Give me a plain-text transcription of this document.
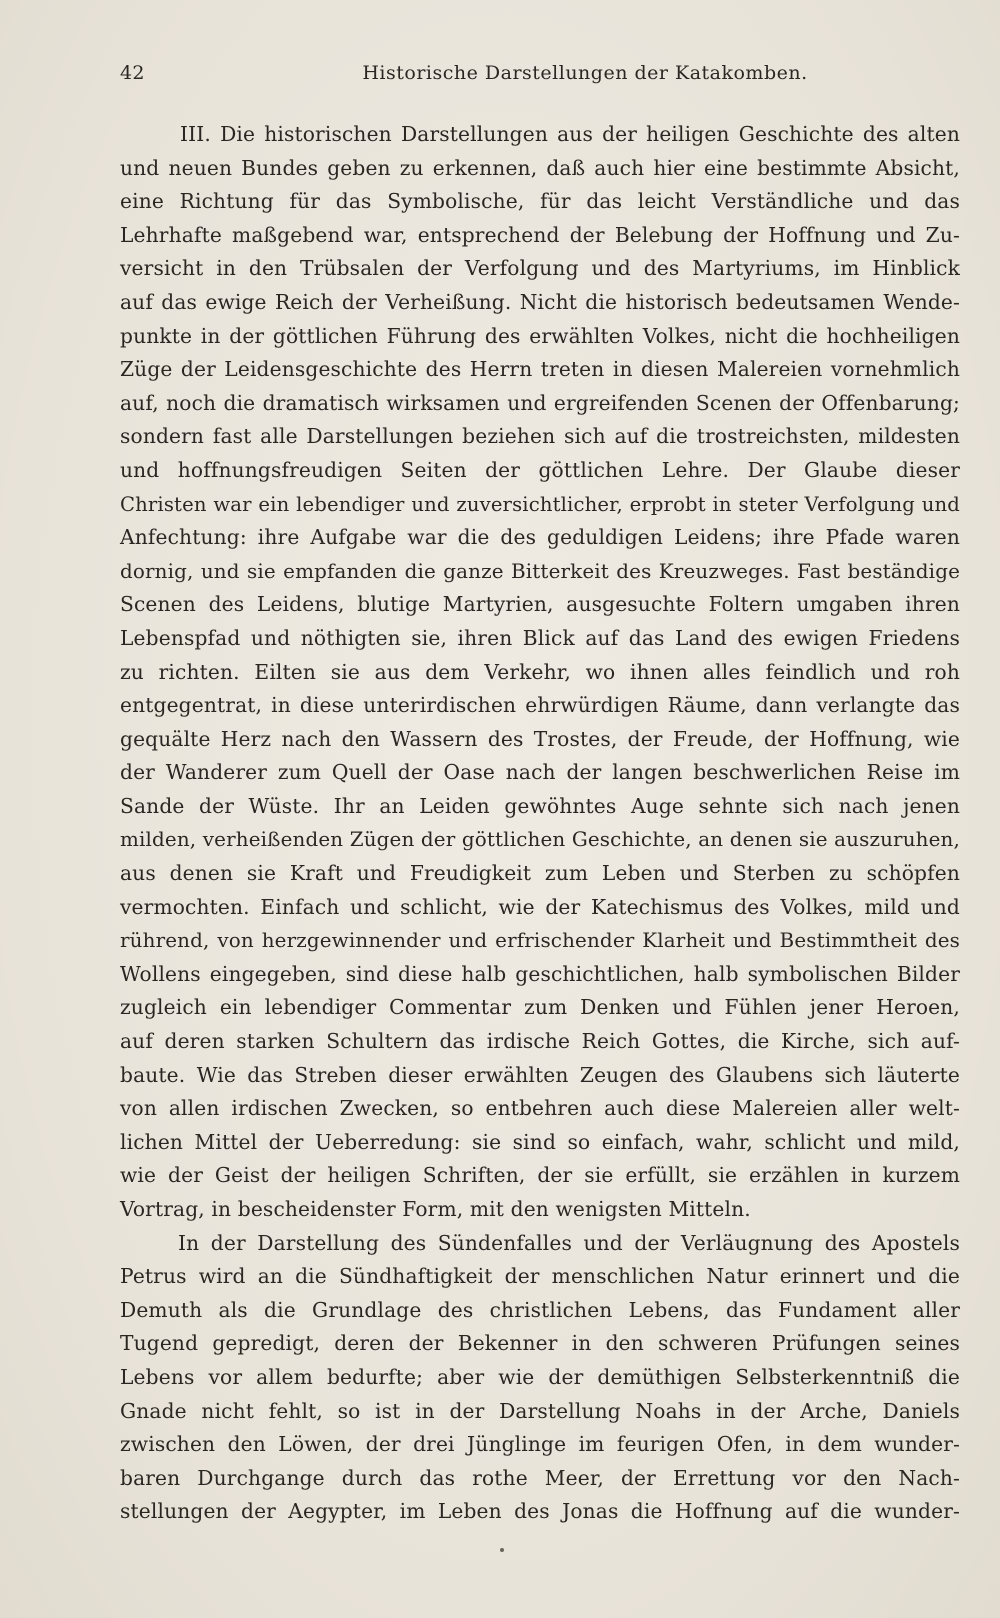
42	Historische Darstellungen der Katakomben.
III. Die historischen Darstellungen aus der heiligen Geschichte des alten
und neuen Bundes geben zu erkennen, daß auch hier eine bestimmte Absicht,
eine Richtung für das Symbolische, für das leicht Verständliche und das
Lehrhafte maßgebend war, entsprechend der Belebung der Hoffnung und Zu-
versicht in den Trübsalen der Verfolgung und des Martyriums, im Hinblick
auf das ewige Reich der Verheißung. Nicht die historisch bedeutsamen Wende-
punkte in der göttlichen Führung des erwählten Volkes, nicht die hochheiligen
Züge der Leidensgeschichte des Herrn treten in diesen Malereien vornehmlich
auf, noch die dramatisch wirksamen und ergreifenden Scenen der Offenbarung;
sondern fast alle Darstellungen beziehen sich auf die trostreichsten, mildesten
und hoffnungsfreudigen Seiten der göttlichen Lehre. Der Glaube dieser
Christen war ein lebendiger und zuversichtlicher, erprobt in steter Verfolgung und
Anfechtung: ihre Aufgabe war die des geduldigen Leidens; ihre Pfade waren
dornig, und sie empfanden die ganze Bitterkeit des Kreuzweges. Fast beständige
Scenen des Leidens, blutige Martyrien, ausgesuchte Foltern umgaben ihren
Lebenspfad und nöthigten sie, ihren Blick auf das Land des ewigen Friedens
zu richten. Eilten sie aus dem Verkehr, wo ihnen alles feindlich und roh
entgegentrat, in diese unterirdischen ehrwürdigen Räume, dann verlangte das
gequälte Herz nach den Wassern des Trostes, der Freude, der Hoffnung, wie
der Wanderer zum Quell der Oase nach der langen beschwerlichen Reise im
Sande der Wüste. Ihr an Leiden gewöhntes Auge sehnte sich nach jenen
milden, verheißenden Zügen der göttlichen Geschichte, an denen sie auszuruhen,
aus denen sie Kraft und Freudigkeit zum Leben und Sterben zu schöpfen
vermochten. Einfach und schlicht, wie der Katechismus des Volkes, mild und
rührend, von herzgewinnender und erfrischender Klarheit und Bestimmtheit des
Wollens eingegeben, sind diese halb geschichtlichen, halb symbolischen Bilder
zugleich ein lebendiger Commentar zum Denken und Fühlen jener Heroen,
auf deren starken Schultern das irdische Reich Gottes, die Kirche, sich auf-
baute. Wie das Streben dieser erwählten Zeugen des Glaubens sich läuterte
von allen irdischen Zwecken, so entbehren auch diese Malereien aller welt-
lichen Mittel der Ueberredung: sie sind so einfach, wahr, schlicht und mild,
wie der Geist der heiligen Schriften, der sie erfüllt, sie erzählen in kurzem
Vortrag, in bescheidenster Form, mit den wenigsten Mitteln.
In der Darstellung des Sündenfalles und der Verläugnung des Apostels
Petrus wird an die Sündhaftigkeit der menschlichen Natur erinnert und die
Demuth als die Grundlage des christlichen Lebens, das Fundament aller
Tugend gepredigt, deren der Bekenner in den schweren Prüfungen seines
Lebens vor allem bedurfte; aber wie der demüthigen Selbsterkenntniß die
Gnade nicht fehlt, so ist in der Darstellung Noahs in der Arche, Daniels
zwischen den Löwen, der drei Jünglinge im feurigen Ofen, in dem wunder-
baren Durchgange durch das rothe Meer, der Errettung vor den Nach-
stellungen der Aegypter, im Leben des Jonas die Hoffnung auf die wunder-
